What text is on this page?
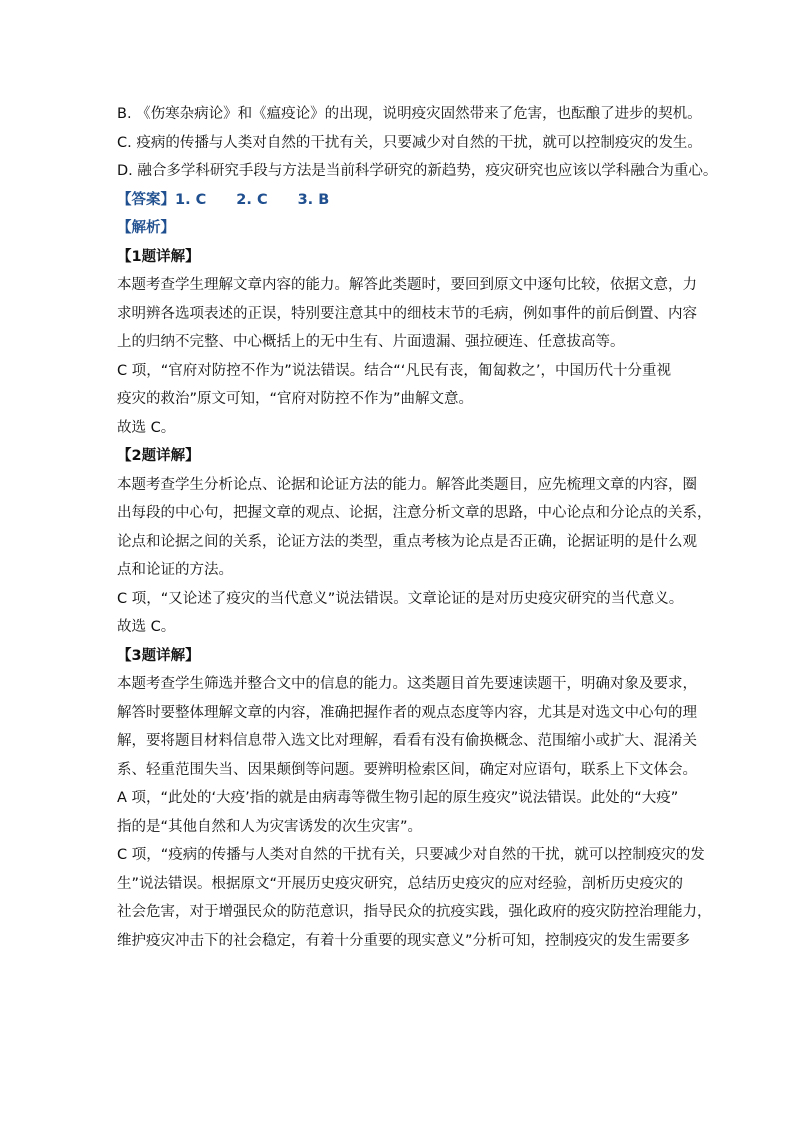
B. 《伤寒杂病论》和《瘟疫论》的出现，说明疫灾固然带来了危害，也酝酿了进步的契机。

C. 疫病的传播与人类对自然的干扰有关，只要减少对自然的干扰，就可以控制疫灾的发生。

D. 融合多学科研究手段与方法是当前科学研究的新趋势，疫灾研究也应该以学科融合为重心。

【答案】1. C 2. C 3. B

【解析】

【1题详解】

本题考查学生理解文章内容的能力。解答此类题时，要回到原文中逐句比较，依据文意，力

求明辨各选项表述的正误，特别要注意其中的细枝末节的毛病，例如事件的前后倒置、内容

上的归纳不完整、中心概括上的无中生有、片面遗漏、强拉硬连、任意拔高等。

C 项，“官府对防控不作为”说法错误。结合“‘凡民有丧，匍匐救之’，中国历代十分重视

疫灾的救治”原文可知，“官府对防控不作为”曲解文意。

故选 C。

【2题详解】

本题考查学生分析论点、论据和论证方法的能力。解答此类题目，应先梳理文章的内容，圈

出每段的中心句，把握文章的观点、论据，注意分析文章的思路，中心论点和分论点的关系，

论点和论据之间的关系，论证方法的类型，重点考核为论点是否正确，论据证明的是什么观

点和论证的方法。

C 项，“又论述了疫灾的当代意义”说法错误。文章论证的是对历史疫灾研究的当代意义。

故选 C。

【3题详解】

本题考查学生筛选并整合文中的信息的能力。这类题目首先要速读题干，明确对象及要求，

解答时要整体理解文章的内容，准确把握作者的观点态度等内容，尤其是对选文中心句的理

解，要将题目材料信息带入选文比对理解，看看有没有偷换概念、范围缩小或扩大、混淆关

系、轻重范围失当、因果颠倒等问题。要辨明检索区间，确定对应语句，联系上下文体会。

A 项，“此处的‘大疫’指的就是由病毒等微生物引起的原生疫灾”说法错误。此处的“大疫”

指的是“其他自然和人为灾害诱发的次生灾害”。

C 项，“疫病的传播与人类对自然的干扰有关，只要减少对自然的干扰，就可以控制疫灾的发

生”说法错误。根据原文“开展历史疫灾研究，总结历史疫灾的应对经验，剖析历史疫灾的

社会危害，对于增强民众的防范意识，指导民众的抗疫实践，强化政府的疫灾防控治理能力，

维护疫灾冲击下的社会稳定，有着十分重要的现实意义”分析可知，控制疫灾的发生需要多
